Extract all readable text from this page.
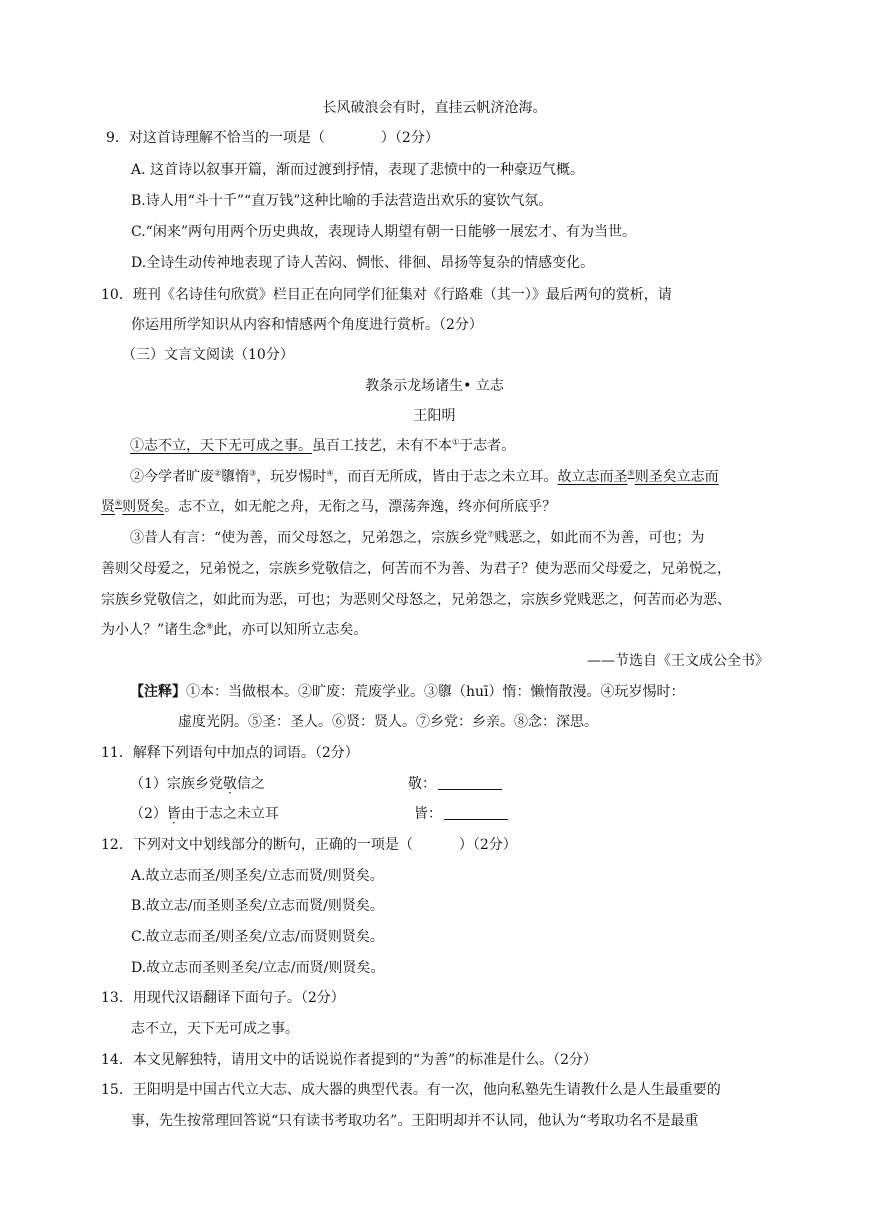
长风破浪会有时，直挂云帆济沧海。
9．对这首诗理解不恰当的一项是（	）（2分）
A. 这首诗以叙事开篇，渐而过渡到抒情，表现了悲愤中的一种豪迈气概。
B.诗人用“斗十千”“直万钱”这种比喻的手法营造出欢乐的宴饮气氛。
C.“闲来”两句用两个历史典故，表现诗人期望有朝一日能够一展宏才、有为当世。
D.全诗生动传神地表现了诗人苦闷、惆怅、徘徊、昂扬等复杂的情感变化。
10．班刊《名诗佳句欣赏》栏目正在向同学们征集对《行路难（其一）》最后两句的赏析，请
你运用所学知识从内容和情感两个角度进行赏析。（2分）
（三）文言文阅读（10分）
教条示龙场诸生• 立志
王阳明
①志不立，天下无可成之事。虽百工技艺，未有不本①于志者。
②今学者旷废②隳惰③，玩岁惕时④，而百无所成，皆由于志之未立耳。故立志而圣⑤则圣矣立志而
贤⑥则贤矣。志不立，如无舵之舟，无衔之马，漂荡奔逸，终亦何所底乎？
③昔人有言：“使为善，而父母怒之，兄弟怨之，宗族乡党⑦贱恶之，如此而不为善，可也；为
善则父母爱之，兄弟悦之，宗族乡党敬信之，何苦而不为善、为君子？使为恶而父母爱之，兄弟悦之，
宗族乡党敬信之，如此而为恶，可也；为恶则父母怒之，兄弟怨之，宗族乡党贱恶之，何苦而必为恶、
为小人？”诸生念⑧此，亦可以知所立志矣。
——节选自《王文成公全书》
【注释】①本：当做根本。②旷废：荒废学业。③隳（huī）惰：懒惰散漫。④玩岁惕时：
虚度光阴。⑤圣：圣人。⑥贤：贤人。⑦乡党：乡亲。⑧念：深思。
11．解释下列语句中加点的词语。（2分）
（1）宗族乡党敬信之	敬：
（2）皆由于志之未立耳	皆：
12．下列对文中划线部分的断句，正确的一项是（	）（2分）
A.故立志而圣/则圣矣/立志而贤/则贤矣。
B.故立志/而圣则圣矣/立志而贤/则贤矣。
C.故立志而圣/则圣矣/立志/而贤则贤矣。
D.故立志而圣则圣矣/立志/而贤/则贤矣。
13．用现代汉语翻译下面句子。（2分）
志不立，天下无可成之事。
14．本文见解独特，请用文中的话说说作者提到的“为善”的标准是什么。（2分）
15．王阳明是中国古代立大志、成大器的典型代表。有一次，他向私塾先生请教什么是人生最重要的
事，先生按常理回答说“只有读书考取功名”。王阳明却并不认同，他认为“考取功名不是最重
